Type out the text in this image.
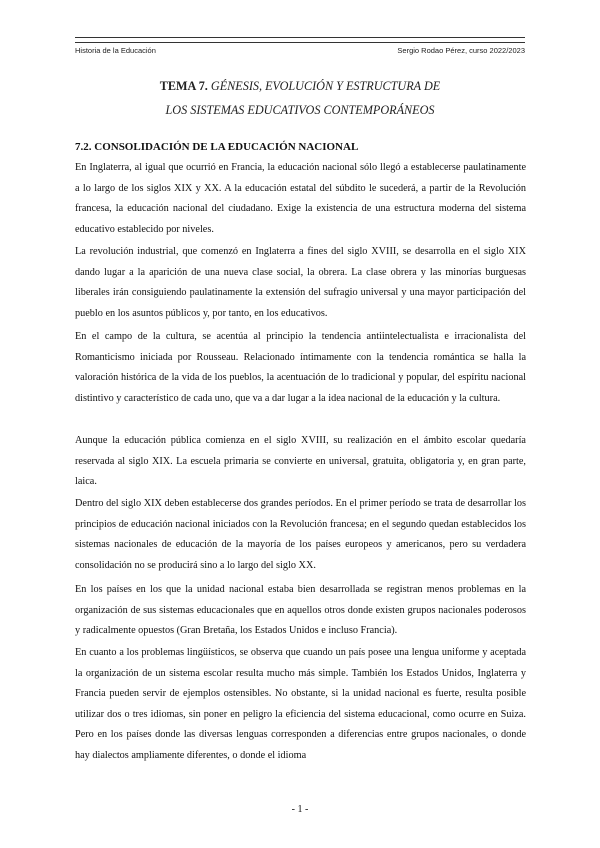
Historia de la Educación	Sergio Rodao Pérez, curso 2022/2023
TEMA 7. GÉNESIS, EVOLUCIÓN Y ESTRUCTURA DE
LOS SISTEMAS EDUCATIVOS CONTEMPORÁNEOS
7.2. CONSOLIDACIÓN DE LA EDUCACIÓN NACIONAL

En Inglaterra, al igual que ocurrió en Francia, la educación nacional sólo llegó a establecerse paulatinamente a lo largo de los siglos XIX y XX. A la educación estatal del súbdito le sucederá, a partir de la Revolución francesa, la educación nacional del ciudadano. Exige la existencia de una estructura moderna del sistema educativo establecido por niveles.

La revolución industrial, que comenzó en Inglaterra a fines del siglo XVIII, se desarrolla en el siglo XIX dando lugar a la aparición de una nueva clase social, la obrera. La clase obrera y las minorías burguesas liberales irán consiguiendo paulatinamente la extensión del sufragio universal y una mayor participación del pueblo en los asuntos públicos y, por tanto, en los educativos.

En el campo de la cultura, se acentúa al principio la tendencia antiintelectualista e irracionalista del Romanticismo iniciada por Rousseau. Relacionado íntimamente con la tendencia romántica se halla la valoración histórica de la vida de los pueblos, la acentuación de lo tradicional y popular, del espíritu nacional distintivo y característico de cada uno, que va a dar lugar a la idea nacional de la educación y la cultura.

Aunque la educación pública comienza en el siglo XVIII, su realización en el ámbito escolar quedaría reservada al siglo XIX. La escuela primaria se convierte en universal, gratuita, obligatoria y, en gran parte, laica.

Dentro del siglo XIX deben establecerse dos grandes períodos. En el primer período se trata de desarrollar los principios de educación nacional iniciados con la Revolución francesa; en el segundo quedan establecidos los sistemas nacionales de educación de la mayoría de los países europeos y americanos, pero su verdadera consolidación no se producirá sino a lo largo del siglo XX.

En los países en los que la unidad nacional estaba bien desarrollada se registran menos problemas en la organización de sus sistemas educacionales que en aquellos otros donde existen grupos nacionales poderosos y radicalmente opuestos (Gran Bretaña, los Estados Unidos e incluso Francia).

En cuanto a los problemas lingüísticos, se observa que cuando un país posee una lengua uniforme y aceptada la organización de un sistema escolar resulta mucho más simple. También los Estados Unidos, Inglaterra y Francia pueden servir de ejemplos ostensibles. No obstante, si la unidad nacional es fuerte, resulta posible utilizar dos o tres idiomas, sin poner en peligro la eficiencia del sistema educacional, como ocurre en Suiza. Pero en los países donde las diversas lenguas corresponden a diferencias entre grupos nacionales, o donde hay dialectos ampliamente diferentes, o donde el idioma

- 1 -
